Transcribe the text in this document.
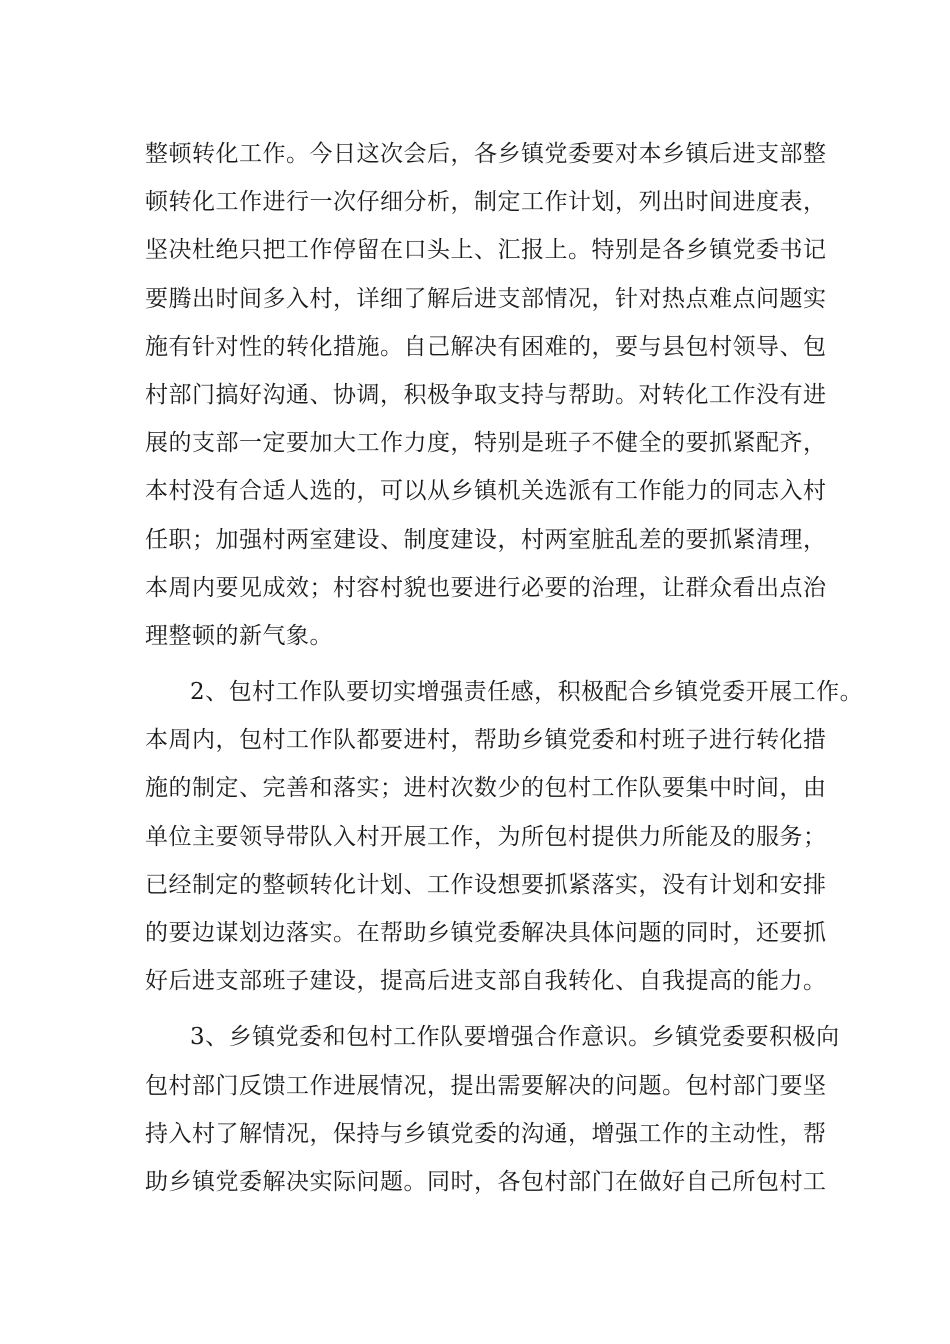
整顿转化工作。今日这次会后，各乡镇党委要对本乡镇后进支部整
顿转化工作进行一次仔细分析，制定工作计划，列出时间进度表，
坚决杜绝只把工作停留在口头上、汇报上。特别是各乡镇党委书记
要腾出时间多入村，详细了解后进支部情况，针对热点难点问题实
施有针对性的转化措施。自己解决有困难的，要与县包村领导、包
村部门搞好沟通、协调，积极争取支持与帮助。对转化工作没有进
展的支部一定要加大工作力度，特别是班子不健全的要抓紧配齐，
本村没有合适人选的，可以从乡镇机关选派有工作能力的同志入村
任职；加强村两室建设、制度建设，村两室脏乱差的要抓紧清理，
本周内要见成效；村容村貌也要进行必要的治理，让群众看出点治
理整顿的新气象。
2、包村工作队要切实增强责任感，积极配合乡镇党委开展工作。
本周内，包村工作队都要进村，帮助乡镇党委和村班子进行转化措
施的制定、完善和落实；进村次数少的包村工作队要集中时间，由
单位主要领导带队入村开展工作，为所包村提供力所能及的服务；
已经制定的整顿转化计划、工作设想要抓紧落实，没有计划和安排
的要边谋划边落实。在帮助乡镇党委解决具体问题的同时，还要抓
好后进支部班子建设，提高后进支部自我转化、自我提高的能力。
3、乡镇党委和包村工作队要增强合作意识。乡镇党委要积极向
包村部门反馈工作进展情况，提出需要解决的问题。包村部门要坚
持入村了解情况，保持与乡镇党委的沟通，增强工作的主动性，帮
助乡镇党委解决实际问题。同时，各包村部门在做好自己所包村工
